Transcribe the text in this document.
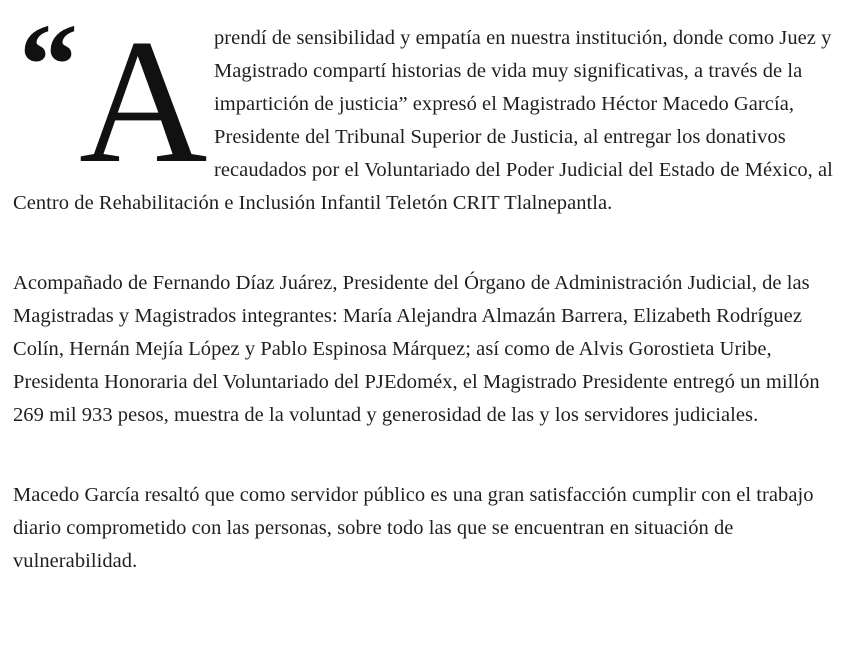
“ A prendí de sensibilidad y empatía en nuestra institución, donde como Juez y Magistrado compartí historias de vida muy significativas, a través de la impartición de justicia” expresó el Magistrado Héctor Macedo García, Presidente del Tribunal Superior de Justicia, al entregar los donativos recaudados por el Voluntariado del Poder Judicial del Estado de México, al Centro de Rehabilitación e Inclusión Infantil Teletón CRIT Tlalnepantla.

Acompañado de Fernando Díaz Juárez, Presidente del Órgano de Administración Judicial, de las Magistradas y Magistrados integrantes: María Alejandra Almazán Barrera, Elizabeth Rodríguez Colín, Hernán Mejía López y Pablo Espinosa Márquez; así como de Alvis Gorostieta Uribe, Presidenta Honoraria del Voluntariado del PJEdoméx, el Magistrado Presidente entregó un millón 269 mil 933 pesos, muestra de la voluntad y generosidad de las y los servidores judiciales.

Macedo García resaltó que como servidor público es una gran satisfacción cumplir con el trabajo diario comprometido con las personas, sobre todo las que se encuentran en situación de vulnerabilidad.
